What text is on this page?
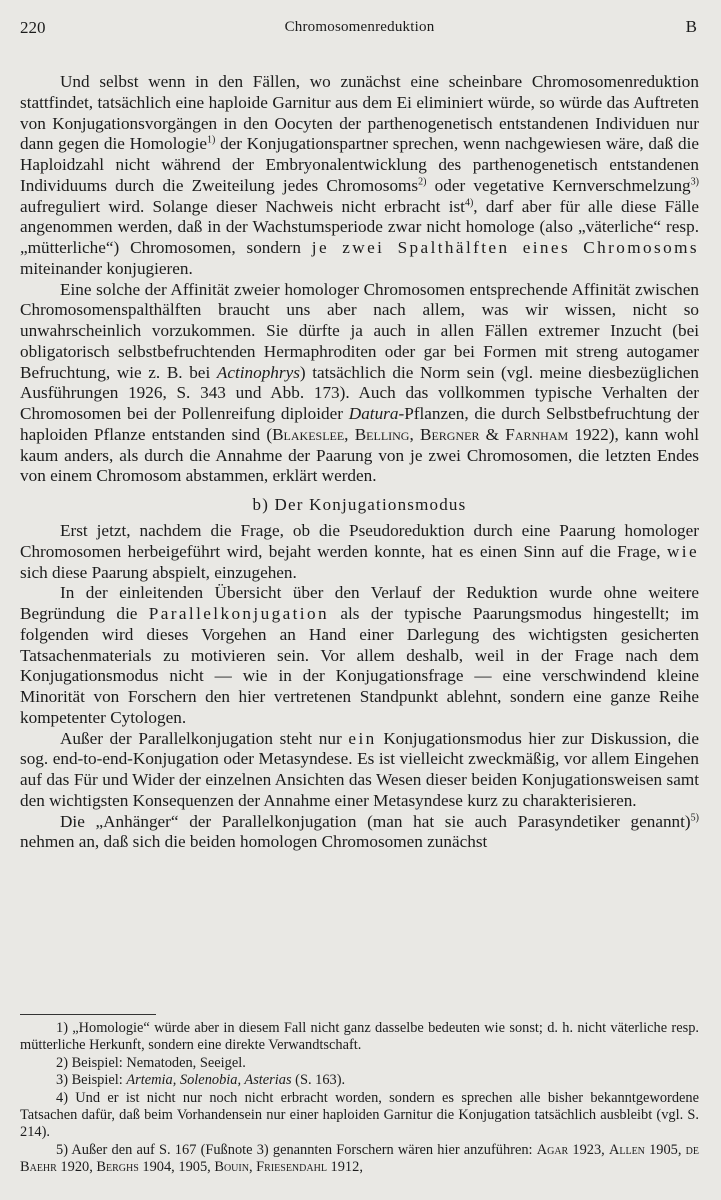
220	Chromosomenreduktion	B

Und selbst wenn in den Fällen, wo zunächst eine scheinbare Chromosomenreduktion stattfindet, tatsächlich eine haploide Garnitur aus dem Ei eliminiert würde, so würde das Auftreten von Konjugationsvorgängen in den Oocyten der parthenogenetisch entstandenen Individuen nur dann gegen die Homologie$^{1)}$ der Konjugationspartner sprechen, wenn nachgewiesen wäre, daß die Haploidzahl nicht während der Embryonalentwicklung des parthenogenetisch entstandenen Individuums durch die Zweiteilung jedes Chromosoms$^{2)}$ oder vegetative Kernverschmelzung$^{3)}$ aufreguliert wird. Solange dieser Nachweis nicht erbracht ist$^{4)}$, darf aber für alle diese Fälle angenommen werden, daß in der Wachstumsperiode zwar nicht homologe (also „väterliche“ resp. „mütterliche“) Chromosomen, sondern je zwei Spalthälften eines Chromosoms miteinander konjugieren.

Eine solche der Affinität zweier homologer Chromosomen entsprechende Affinität zwischen Chromosomenspalthälften braucht uns aber nach allem, was wir wissen, nicht so unwahrscheinlich vorzukommen. Sie dürfte ja auch in allen Fällen extremer Inzucht (bei obligatorisch selbstbefruchtenden Hermaphroditen oder gar bei Formen mit streng autogamer Befruchtung, wie z. B. bei Actinophrys) tatsächlich die Norm sein (vgl. meine diesbezüglichen Ausführungen 1926, S. 343 und Abb. 173). Auch das vollkommen typische Verhalten der Chromosomen bei der Pollenreifung diploider Datura-Pflanzen, die durch Selbstbefruchtung der haploiden Pflanze entstanden sind (Blakeslee, Belling, Bergner & Farnham 1922), kann wohl kaum anders, als durch die Annahme der Paarung von je zwei Chromosomen, die letzten Endes von einem Chromosom abstammen, erklärt werden.

b) Der Konjugationsmodus

Erst jetzt, nachdem die Frage, ob die Pseudoreduktion durch eine Paarung homologer Chromosomen herbeigeführt wird, bejaht werden konnte, hat es einen Sinn auf die Frage, wie sich diese Paarung abspielt, einzugehen.

In der einleitenden Übersicht über den Verlauf der Reduktion wurde ohne weitere Begründung die Parallelkonjugation als der typische Paarungsmodus hingestellt; im folgenden wird dieses Vorgehen an Hand einer Darlegung des wichtigsten gesicherten Tatsachenmaterials zu motivieren sein. Vor allem deshalb, weil in der Frage nach dem Konjugationsmodus nicht — wie in der Konjugationsfrage — eine verschwindend kleine Minorität von Forschern den hier vertretenen Standpunkt ablehnt, sondern eine ganze Reihe kompetenter Cytologen.

Außer der Parallelkonjugation steht nur ein Konjugationsmodus hier zur Diskussion, die sog. end-to-end-Konjugation oder Metasyndese. Es ist vielleicht zweckmäßig, vor allem Eingehen auf das Für und Wider der einzelnen Ansichten das Wesen dieser beiden Konjugationsweisen samt den wichtigsten Konsequenzen der Annahme einer Metasyndese kurz zu charakterisieren.

Die „Anhänger“ der Parallelkonjugation (man hat sie auch Parasyndetiker genannt)$^{5)}$ nehmen an, daß sich die beiden homologen Chromosomen zunächst

1) „Homologie“ würde aber in diesem Fall nicht ganz dasselbe bedeuten wie sonst; d. h. nicht väterliche resp. mütterliche Herkunft, sondern eine direkte Verwandtschaft.

2) Beispiel: Nematoden, Seeigel.

3) Beispiel: Artemia, Solenobia, Asterias (S. 163).

4) Und er ist nicht nur noch nicht erbracht worden, sondern es sprechen alle bisher bekanntgewordene Tatsachen dafür, daß beim Vorhandensein nur einer haploiden Garnitur die Konjugation tatsächlich ausbleibt (vgl. S. 214).

5) Außer den auf S. 167 (Fußnote 3) genannten Forschern wären hier anzuführen: Agar 1923, Allen 1905, de Baehr 1920, Berghs 1904, 1905, Bouin, Friesendahl 1912,
